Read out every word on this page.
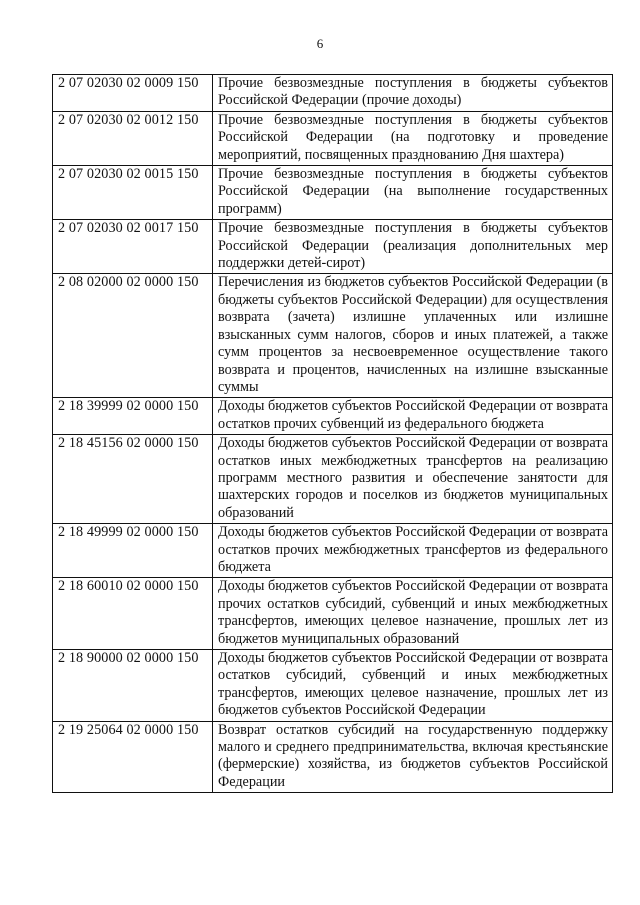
6
2 07 02030 02 0009 150	Прочие безвозмездные поступления в бюджеты субъектов Российской Федерации (прочие доходы)
2 07 02030 02 0012 150	Прочие безвозмездные поступления в бюджеты субъектов Российской Федерации (на подготовку и проведение мероприятий, посвященных празднованию Дня шахтера)
2 07 02030 02 0015 150	Прочие безвозмездные поступления в бюджеты субъектов Российской Федерации (на выполнение государственных программ)
2 07 02030 02 0017 150	Прочие безвозмездные поступления в бюджеты субъектов Российской Федерации (реализация дополнительных мер поддержки детей-сирот)
2 08 02000 02 0000 150	Перечисления из бюджетов субъектов Российской Федерации (в бюджеты субъектов Российской Федерации) для осуществления возврата (зачета) излишне уплаченных или излишне взысканных сумм налогов, сборов и иных платежей, а также сумм процентов за несвоевременное осуществление такого возврата и процентов, начисленных на излишне взысканные суммы
2 18 39999 02 0000 150	Доходы бюджетов субъектов Российской Федерации от возврата остатков прочих субвенций из федерального бюджета
2 18 45156 02 0000 150	Доходы бюджетов субъектов Российской Федерации от возврата остатков иных межбюджетных трансфертов на реализацию программ местного развития и обеспечение занятости для шахтерских городов и поселков из бюджетов муниципальных образований
2 18 49999 02 0000 150	Доходы бюджетов субъектов Российской Федерации от возврата остатков прочих межбюджетных трансфертов из федерального бюджета
2 18 60010 02 0000 150	Доходы бюджетов субъектов Российской Федерации от возврата прочих остатков субсидий, субвенций и иных межбюджетных трансфертов, имеющих целевое назначение, прошлых лет из бюджетов муниципальных образований
2 18 90000 02 0000 150	Доходы бюджетов субъектов Российской Федерации от возврата остатков субсидий, субвенций и иных межбюджетных трансфертов, имеющих целевое назначение, прошлых лет из бюджетов субъектов Российской Федерации
2 19 25064 02 0000 150	Возврат остатков субсидий на государственную поддержку малого и среднего предпринимательства, включая крестьянские (фермерские) хозяйства, из бюджетов субъектов Российской Федерации
